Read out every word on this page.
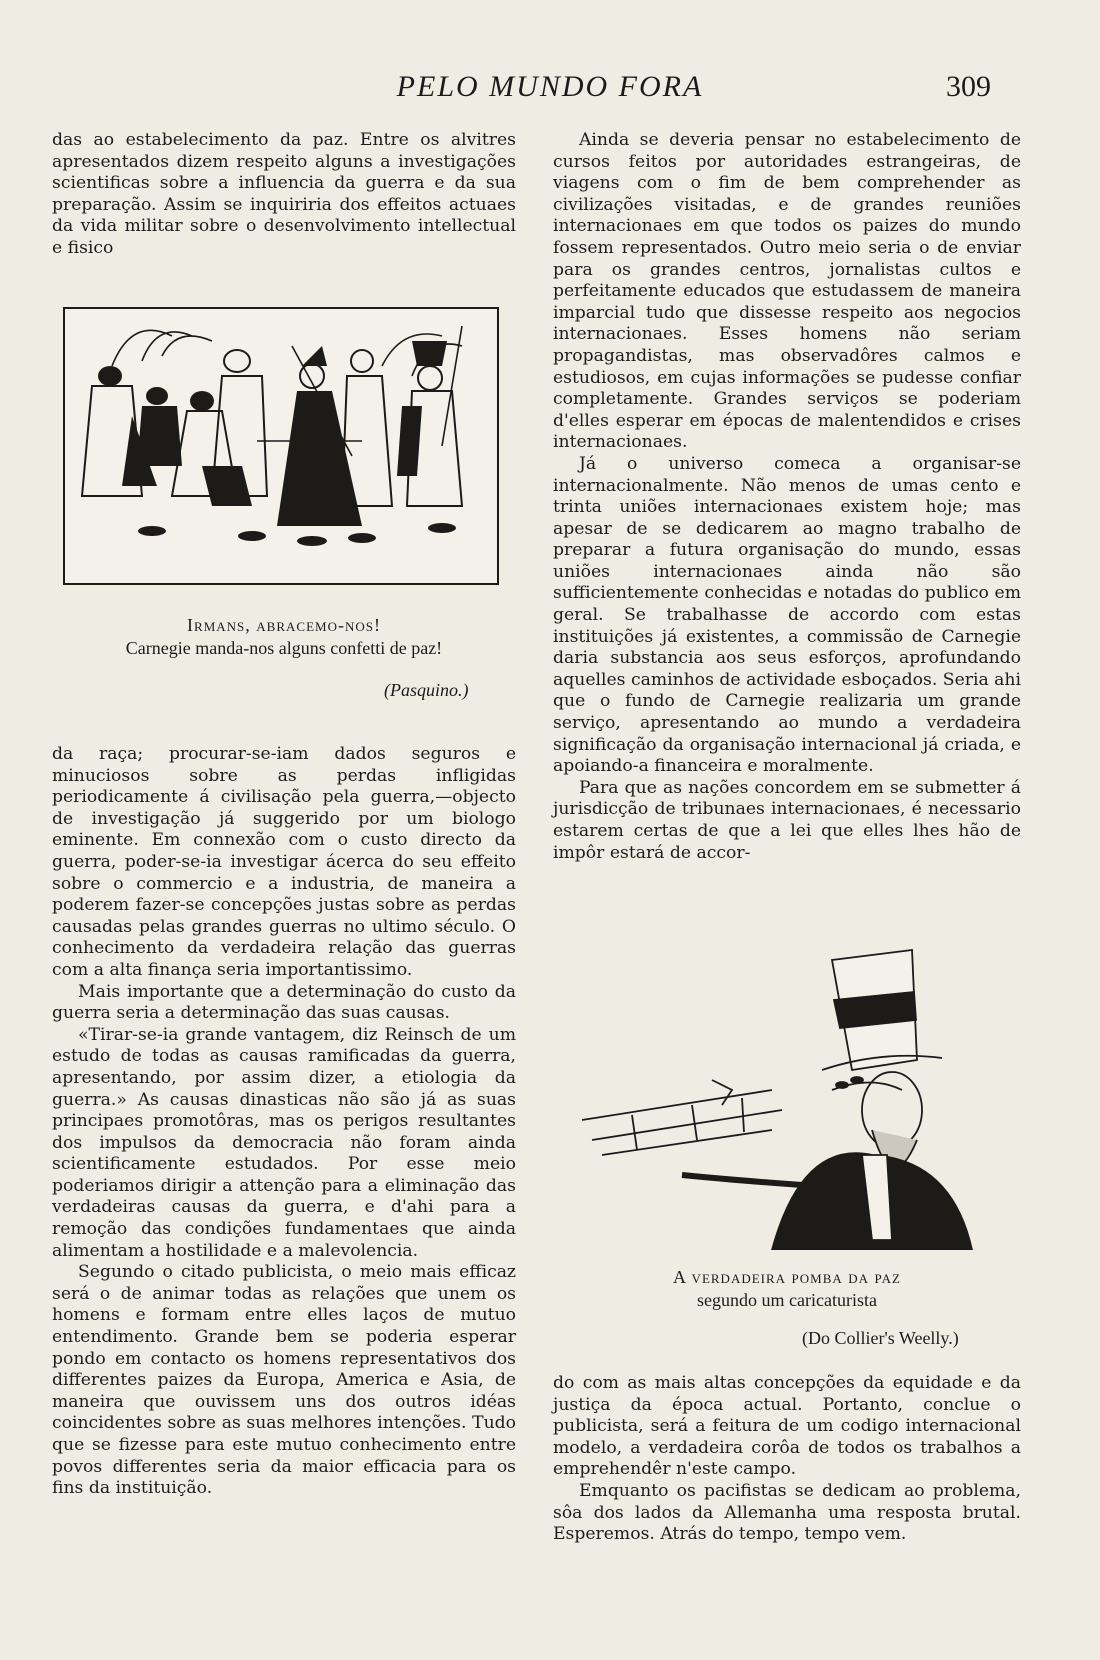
PELO MUNDO FORA	309

das ao estabelecimento da paz. Entre os alvitres apresentados dizem respeito alguns a investigações scientificas sobre a influencia da guerra e da sua preparação. Assim se inquiriria dos effeitos actuaes da vida militar sobre o desenvolvimento intellectual e fisico

Irmans, abracemo-nos!
Carnegie manda-nos alguns confetti de paz!
(Pasquino.)

da raça; procurar-se-iam dados seguros e minuciosos sobre as perdas infligidas periodicamente á civilisação pela guerra,—objecto de investigação já suggerido por um biologo eminente. Em connexão com o custo directo da guerra, poder-se-ia investigar ácerca do seu effeito sobre o commercio e a industria, de maneira a poderem fazer-se concepções justas sobre as perdas causadas pelas grandes guerras no ultimo século. O conhecimento da verdadeira relação das guerras com a alta finança seria importantissimo.

Mais importante que a determinação do custo da guerra seria a determinação das suas causas.

«Tirar-se-ia grande vantagem, diz Reinsch de um estudo de todas as causas ramificadas da guerra, apresentando, por assim dizer, a etiologia da guerra.» As causas dinasticas não são já as suas principaes promotôras, mas os perigos resultantes dos impulsos da democracia não foram ainda scientificamente estudados. Por esse meio poderiamos dirigir a attenção para a eliminação das verdadeiras causas da guerra, e d'ahi para a remoção das condições fundamentaes que ainda alimentam a hostilidade e a malevolencia.

Segundo o citado publicista, o meio mais efficaz será o de animar todas as relações que unem os homens e formam entre elles laços de mutuo entendimento. Grande bem se poderia esperar pondo em contacto os homens representativos dos differentes paizes da Europa, America e Asia, de maneira que ouvissem uns dos outros idéas coincidentes sobre as suas melhores intenções. Tudo que se fizesse para este mutuo conhecimento entre povos differentes seria da maior efficacia para os fins da instituição.

Ainda se deveria pensar no estabelecimento de cursos feitos por autoridades estrangeiras, de viagens com o fim de bem comprehender as civilizações visitadas, e de grandes reuniões internacionaes em que todos os paizes do mundo fossem representados. Outro meio seria o de enviar para os grandes centros, jornalistas cultos e perfeitamente educados que estudassem de maneira imparcial tudo que dissesse respeito aos negocios internacionaes. Esses homens não seriam propagandistas, mas observadôres calmos e estudiosos, em cujas informações se pudesse confiar completamente. Grandes serviços se poderiam d'elles esperar em épocas de malentendidos e crises internacionaes.

Já o universo comeca a organisar-se internacionalmente. Não menos de umas cento e trinta uniões internacionaes existem hoje; mas apesar de se dedicarem ao magno trabalho de preparar a futura organisação do mundo, essas uniões internacionaes ainda não são sufficientemente conhecidas e notadas do publico em geral. Se trabalhasse de accordo com estas instituições já existentes, a commissão de Carnegie daria substancia aos seus esforços, aprofundando aquelles caminhos de actividade esboçados. Seria ahi que o fundo de Carnegie realizaria um grande serviço, apresentando ao mundo a verdadeira significação da organisação internacional já criada, e apoiando-a financeira e moralmente.

Para que as nações concordem em se submetter á jurisdicção de tribunaes internacionaes, é necessario estarem certas de que a lei que elles lhes hão de impôr estará de accor-

A verdadeira pomba da paz
segundo um caricaturista
(Do Collier's Weelly.)

do com as mais altas concepções da equidade e da justiça da época actual. Portanto, conclue o publicista, será a feitura de um codigo internacional modelo, a verdadeira corôa de todos os trabalhos a emprehendêr n'este campo.

Emquanto os pacifistas se dedicam ao problema, sôa dos lados da Allemanha uma resposta brutal. Esperemos. Atrás do tempo, tempo vem.
